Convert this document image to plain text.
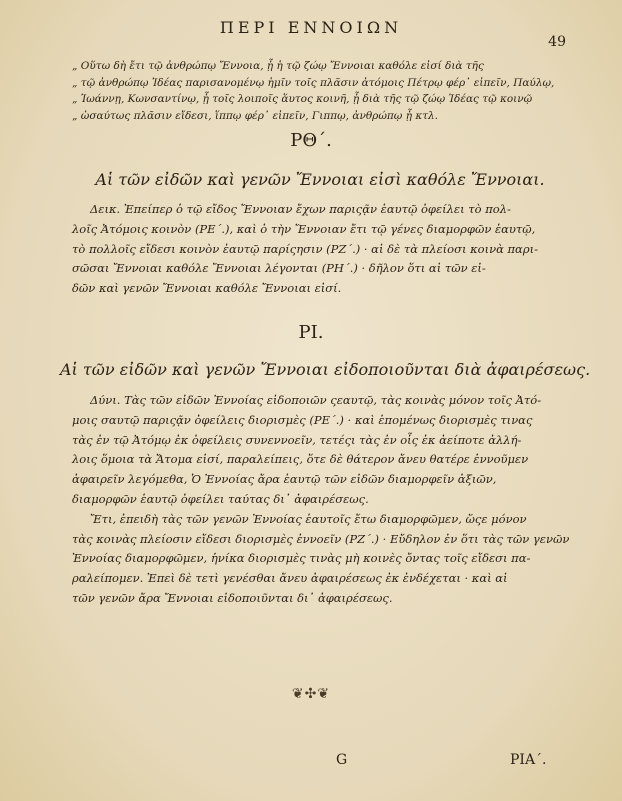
ΠΕΡΙ ΕΝΝΟΙΩΝ
49

„ Οὕτω δὴ ἔτι τῷ ἀνθρώπῳ Ἔννοια, ᾗ ἡ τῷ ζώῳ Ἔννοιαι καθόλε εἰσί διὰ τῆς

„ τῷ ἀνθρώπῳ Ἰδέας παρισανομένῳ ἡμῖν τοῖς πλᾶσιν ἀτόμοις Πέτρῳ φέρ᾽ εἰπεῖν, Παύλῳ,

„ Ἰωάννῃ, Κωνσαντίνῳ, ᾗ τοῖς λοιποῖς ἅυτος κοινῆ, ᾗ διὰ τῆς τῷ ζώῳ Ἰδέας τῷ κοινῷ

„ ὡσαύτως πλᾶσιν εἴδεσι, ἵππῳ φέρ᾽ εἰπεῖν, Γιππῳ, ἀνθρώπῳ ᾗ κτλ.

ΡΘ΄.
Αἱ τῶν εἰδῶν καὶ γενῶν Ἔννοιαι εἰσὶ καθόλε Ἔννοιαι.

Δεικ. Ἐπείπερ ὁ τῷ εἴδος Ἔννοιαν ἔχων παριςᾷν ἑαυτῷ ὀφείλει τὸ πολ-

λοῖς Ἀτόμοις κοινὸν (ΡΕ΄.), καὶ ὁ τὴν Ἔννοιαν ἔτι τῷ γένες διαμορφῶν ἑαυτῷ,

τὸ πολλοῖς εἴδεσι κοινὸν ἑαυτῷ παρίςησιν (ΡΖ΄.) · αἱ δὲ τὰ πλείοσι κοινὰ παρι-

σῶσαι Ἔννοιαι καθόλε Ἔννοιαι λέγονται (ΡΗ΄.) · δῆλον ὅτι αἱ τῶν εἰ-

δῶν καὶ γενῶν Ἔννοιαι καθόλε Ἔννοιαι εἰσί.

ΡΙ.
Αἱ τῶν εἰδῶν καὶ γενῶν Ἔννοιαι εἰδοποιοῦνται διὰ ἀφαιρέσεως.

Δύνι. Τὰς τῶν εἰδῶν Ἐννοίας εἰδοποιῶν ςεαυτῷ, τὰς κοινὰς μόνον τοῖς Ἀτό-

μοις σαυτῷ παριςᾷν ὀφείλεις διορισμὲς (ΡΕ΄.) · καὶ ἑπομένως διορισμὲς τινας

τὰς ἐν τῷ Ἀτόμῳ ἐκ ὀφείλεις συνεννοεῖν, τετέςι τὰς ἐν οἷς ἐκ ἀείποτε ἀλλή-

λοις ὅμοια τὰ Ἄτομα εἰσί, παραλείπεις, ὅτε δὲ θάτερον ἄνευ θατέρε ἐννοῦμεν

ἀφαιρεῖν λεγόμεθα, Ὁ Ἐννοίας ἄρα ἑαυτῷ τῶν εἰδῶν διαμορφεῖν ἀξιῶν,

διαμορφῶν ἑαυτῷ ὀφείλει ταύτας δι᾽ ἀφαιρέσεως.

Ἔτι, ἐπειδὴ τὰς τῶν γενῶν Ἐννοίας ἑαυτοῖς ἔτω διαμορφῶμεν, ὥςε μόνον

τὰς κοινὰς πλείοσιν εἴδεσι διορισμὲς ἐννοεῖν (ΡΖ΄.) · Εὔδηλον ἐν ὅτι τὰς τῶν γενῶν

Ἐννοίας διαμορφῶμεν, ἡνίκα διορισμὲς τινὰς μὴ κοινὲς ὄντας τοῖς εἴδεσι πα-

ραλείπομεν. Ἐπεὶ δὲ τετὶ γενέσθαι ἄνευ ἀφαιρέσεως ἐκ ἐνδέχεται · καὶ αἱ

τῶν γενῶν ἄρα Ἔννοιαι εἰδοποιῦνται δι᾽ ἀφαιρέσεως.

❦✣❦
G	ΡΙΑ΄.
